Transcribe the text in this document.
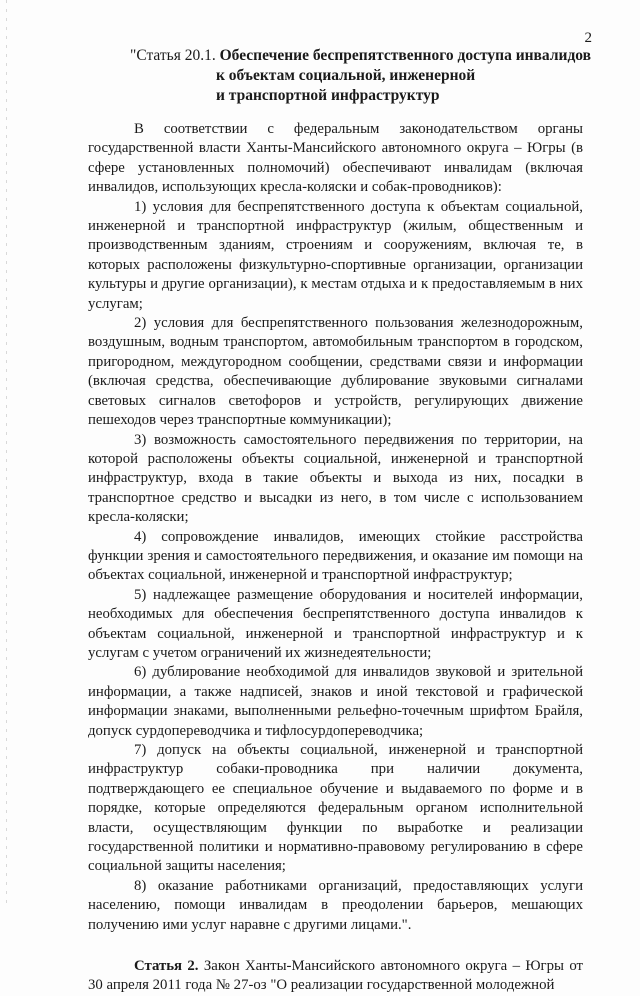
2
"Статья 20.1. Обеспечение беспрепятственного доступа инвалидов
к объектам социальной, инженерной
и транспортной инфраструктур

В соответствии с федеральным законодательством органы государственной власти Ханты-Мансийского автономного округа – Югры (в сфере установленных полномочий) обеспечивают инвалидам (включая инвалидов, использующих кресла-коляски и собак-проводников):

1) условия для беспрепятственного доступа к объектам социальной, инженерной и транспортной инфраструктур (жилым, общественным и производственным зданиям, строениям и сооружениям, включая те, в которых расположены физкультурно-спортивные организации, организации культуры и другие организации), к местам отдыха и к предоставляемым в них услугам;

2) условия для беспрепятственного пользования железнодорожным, воздушным, водным транспортом, автомобильным транспортом в городском, пригородном, междугородном сообщении, средствами связи и информации (включая средства, обеспечивающие дублирование звуковыми сигналами световых сигналов светофоров и устройств, регулирующих движение пешеходов через транспортные коммуникации);

3) возможность самостоятельного передвижения по территории, на которой расположены объекты социальной, инженерной и транспортной инфраструктур, входа в такие объекты и выхода из них, посадки в транспортное средство и высадки из него, в том числе с использованием кресла-коляски;

4) сопровождение инвалидов, имеющих стойкие расстройства функции зрения и самостоятельного передвижения, и оказание им помощи на объектах социальной, инженерной и транспортной инфраструктур;

5) надлежащее размещение оборудования и носителей информации, необходимых для обеспечения беспрепятственного доступа инвалидов к объектам социальной, инженерной и транспортной инфраструктур и к услугам с учетом ограничений их жизнедеятельности;

6) дублирование необходимой для инвалидов звуковой и зрительной информации, а также надписей, знаков и иной текстовой и графической информации знаками, выполненными рельефно-точечным шрифтом Брайля, допуск сурдопереводчика и тифлосурдопереводчика;

7) допуск на объекты социальной, инженерной и транспортной инфраструктур собаки-проводника при наличии документа, подтверждающего ее специальное обучение и выдаваемого по форме и в порядке, которые определяются федеральным органом исполнительной власти, осуществляющим функции по выработке и реализации государственной политики и нормативно-правовому регулированию в сфере социальной защиты населения;

8) оказание работниками организаций, предоставляющих услуги населению, помощи инвалидам в преодолении барьеров, мешающих получению ими услуг наравне с другими лицами.".

Статья 2. Закон Ханты-Мансийского автономного округа – Югры от 30 апреля 2011 года № 27-оз "О реализации государственной молодежной
